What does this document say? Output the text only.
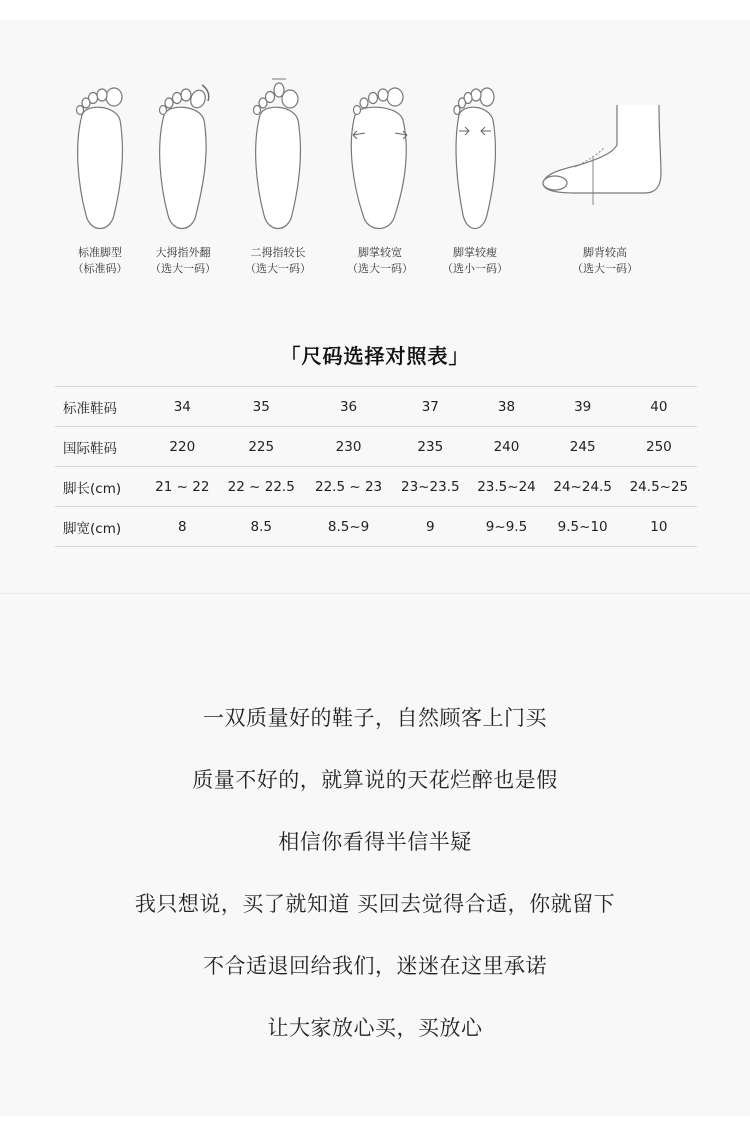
标准脚型
（标准码）
大拇指外翻
（选大一码）
二拇指较长
（选大一码）
脚掌较宽
（选大一码）
脚掌较瘦
（选小一码）
脚背较高
（选大一码）
「尺码选择对照表」
标准鞋码	34	35	36	37	38	39	40
国际鞋码	220	225	230	235	240	245	250
脚长(cm)	21 ~ 22	22 ~ 22.5	22.5 ~ 23	23~23.5	23.5~24	24~24.5	24.5~25
脚宽(cm)	8	8.5	8.5~9	9	9~9.5	9.5~10	10
一双质量好的鞋子，自然顾客上门买
质量不好的，就算说的天花烂醉也是假
相信你看得半信半疑
我只想说，买了就知道 买回去觉得合适，你就留下
不合适退回给我们，迷迷在这里承诺
让大家放心买，买放心
